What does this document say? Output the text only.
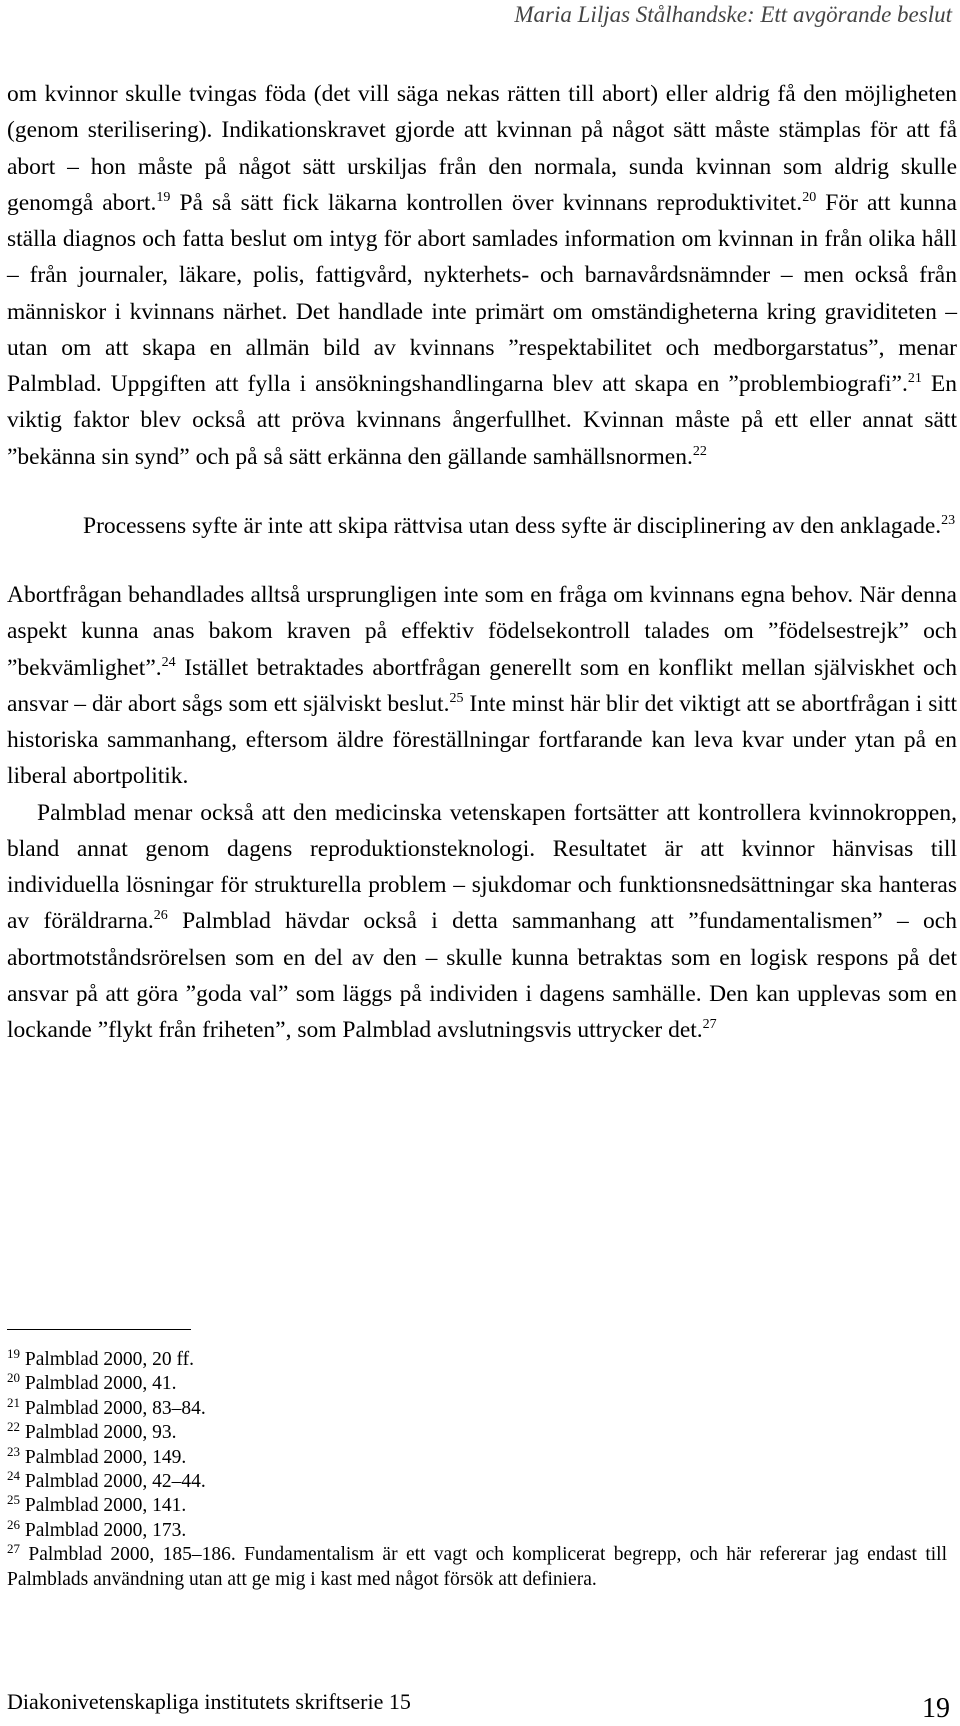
Maria Liljas Stålhandske: Ett avgörande beslut

om kvinnor skulle tvingas föda (det vill säga nekas rätten till abort) eller aldrig få den möjligheten (genom sterilisering). Indikationskravet gjorde att kvinnan på något sätt måste stämplas för att få abort – hon måste på något sätt urskiljas från den normala, sunda kvinnan som aldrig skulle genomgå abort.$^{19}$ På så sätt fick läkarna kontrollen över kvinnans reproduktivitet.$^{20}$ För att kunna ställa diagnos och fatta beslut om intyg för abort samlades information om kvinnan in från olika håll – från journaler, läkare, polis, fattigvård, nykterhets- och barnavårdsnämnder – men också från människor i kvinnans närhet. Det handlade inte primärt om omständigheterna kring graviditeten – utan om att skapa en allmän bild av kvinnans ”respektabilitet och medborgarstatus”, menar Palmblad. Uppgiften att fylla i ansökningshandlingarna blev att skapa en ”problembiografi”.$^{21}$ En viktig faktor blev också att pröva kvinnans ångerfullhet. Kvinnan måste på ett eller annat sätt ”bekänna sin synd” och på så sätt erkänna den gällande samhällsnormen.$^{22}$

Processens syfte är inte att skipa rättvisa utan dess syfte är disciplinering av den anklagade.$^{23}$

Abortfrågan behandlades alltså ursprungligen inte som en fråga om kvinnans egna behov. När denna aspekt kunna anas bakom kraven på effektiv födelsekontroll talades om ”födelsestrejk” och ”bekvämlighet”.$^{24}$ Istället betraktades abortfrågan generellt som en konflikt mellan själviskhet och ansvar – där abort sågs som ett själviskt beslut.$^{25}$ Inte minst här blir det viktigt att se abortfrågan i sitt historiska sammanhang, eftersom äldre föreställningar fortfarande kan leva kvar under ytan på en liberal abortpolitik.

Palmblad menar också att den medicinska vetenskapen fortsätter att kontrollera kvinnokroppen, bland annat genom dagens reproduktionsteknologi. Resultatet är att kvinnor hänvisas till individuella lösningar för strukturella problem – sjukdomar och funktionsnedsättningar ska hanteras av föräldrarna.$^{26}$ Palmblad hävdar också i detta sammanhang att ”fundamentalismen” – och abortmotståndsrörelsen som en del av den – skulle kunna betraktas som en logisk respons på det ansvar på att göra ”goda val” som läggs på individen i dagens samhälle. Den kan upplevas som en lockande ”flykt från friheten”, som Palmblad avslutningsvis uttrycker det.$^{27}$

$^{19}$ Palmblad 2000, 20 ff.

$^{20}$ Palmblad 2000, 41.

$^{21}$ Palmblad 2000, 83–84.

$^{22}$ Palmblad 2000, 93.

$^{23}$ Palmblad 2000, 149.

$^{24}$ Palmblad 2000, 42–44.

$^{25}$ Palmblad 2000, 141.

$^{26}$ Palmblad 2000, 173.

$^{27}$ Palmblad 2000, 185–186. Fundamentalism är ett vagt och komplicerat begrepp, och här refererar jag endast till Palmblads användning utan att ge mig i kast med något försök att definiera.

Diakonivetenskapliga institutets skriftserie 15	19
